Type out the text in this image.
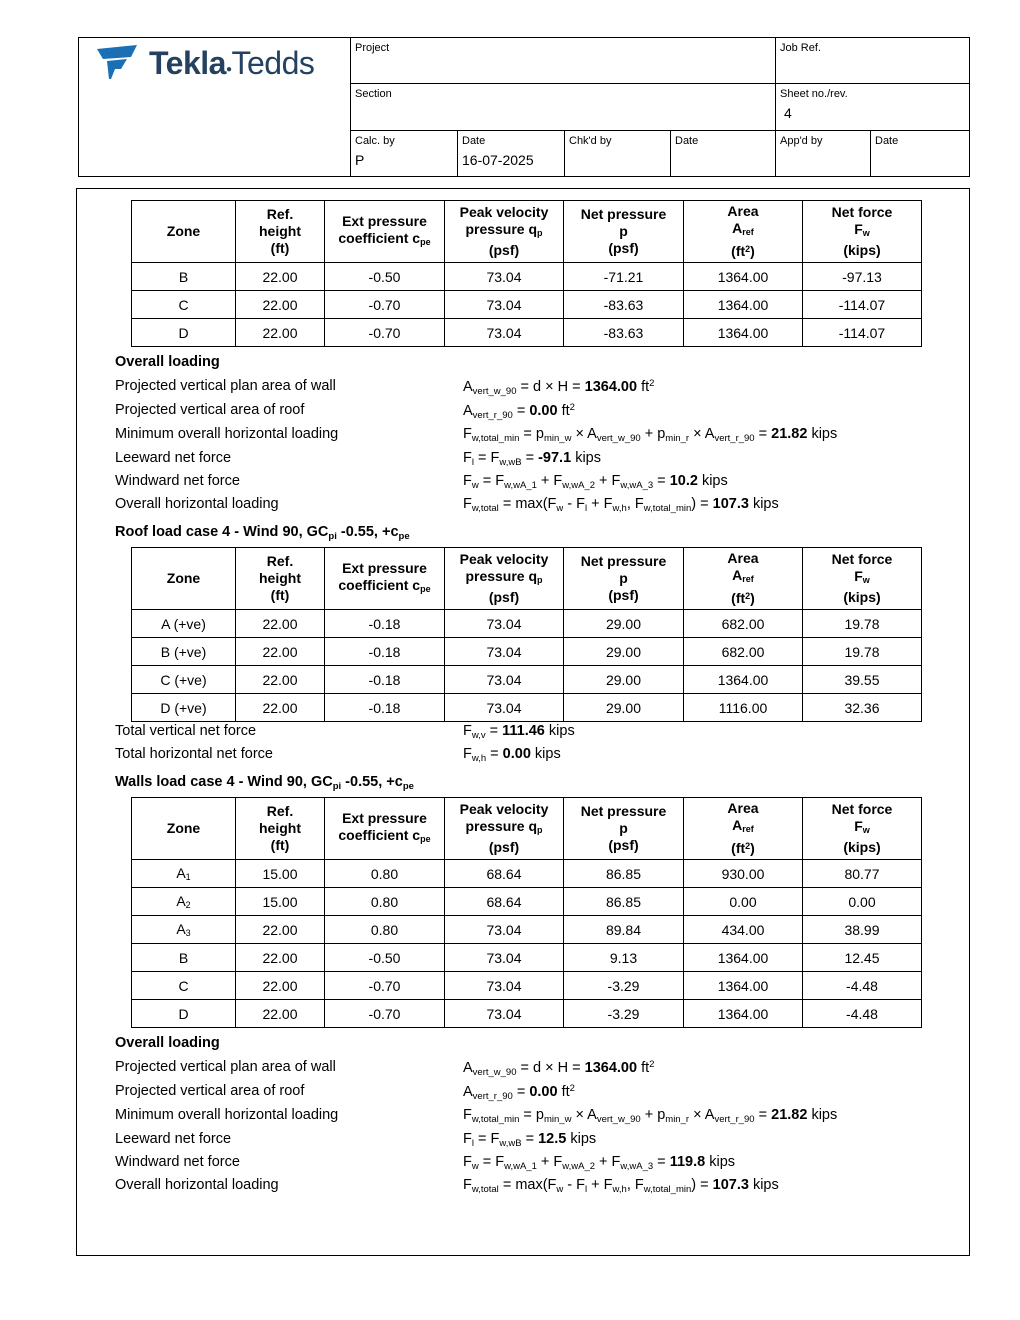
Tekla●Tedds	Project	Job Ref.
Section	Sheet no./rev.
4
Calc. by
P
Date
16-07-2025
Chk'd by	Date	App'd by	Date
Zone	Ref.
height
(ft)	Ext pressure
coefficient $c_{pe}$	Peak velocity
pressure $q_p$
(psf)	Net pressure
p
(psf)	Area
$A_{ref}$
$(ft^2)$	Net force
$F_w$
(kips)
B	22.00	-0.50	73.04	-71.21	1364.00	-97.13
C	22.00	-0.70	73.04	-83.63	1364.00	-114.07
D	22.00	-0.70	73.04	-83.63	1364.00	-114.07
Overall loading
Projected vertical plan area of wall	$A_{vert\_w\_90} = d \times H = 1364.00$ $ft^2$
Projected vertical area of roof	$A_{vert\_r\_90} = 0.00$ $ft^2$
Minimum overall horizontal loading	$F_{w,total\_min} = p_{min\_w} \times A_{vert\_w\_90} + p_{min\_r} \times A_{vert\_r\_90} = 21.82$ kips
Leeward net force	$F_l = F_{w,wB} = -97.1$ kips
Windward net force	$F_w = F_{w,wA\_1} + F_{w,wA\_2} + F_{w,wA\_3} = 10.2$ kips
Overall horizontal loading	$F_{w,total} = \max(F_w - F_l + F_{w,h}$, $F_{w,total\_min}) = 107.3$ kips
Roof load case 4 - Wind 90, $GC_{pi}$ -0.55, $+c_{pe}$
Zone	Ref.
height
(ft)	Ext pressure
coefficient $c_{pe}$	Peak velocity
pressure $q_p$
(psf)	Net pressure
p
(psf)	Area
$A_{ref}$
$(ft^2)$	Net force
$F_w$
(kips)
A (+ve)	22.00	-0.18	73.04	29.00	682.00	19.78
B (+ve)	22.00	-0.18	73.04	29.00	682.00	19.78
C (+ve)	22.00	-0.18	73.04	29.00	1364.00	39.55
D (+ve)	22.00	-0.18	73.04	29.00	1116.00	32.36
Total vertical net force	$F_{w,v} = 111.46$ kips
Total horizontal net force	$F_{w,h} = 0.00$ kips
Walls load case 4 - Wind 90, $GC_{pi}$ -0.55, $+c_{pe}$
Zone	Ref.
height
(ft)	Ext pressure
coefficient $c_{pe}$	Peak velocity
pressure $q_p$
(psf)	Net pressure
p
(psf)	Area
$A_{ref}$
$(ft^2)$	Net force
$F_w$
(kips)
$A_1$	15.00	0.80	68.64	86.85	930.00	80.77
$A_2$	15.00	0.80	68.64	86.85	0.00	0.00
$A_3$	22.00	0.80	73.04	89.84	434.00	38.99
B	22.00	-0.50	73.04	9.13	1364.00	12.45
C	22.00	-0.70	73.04	-3.29	1364.00	-4.48
D	22.00	-0.70	73.04	-3.29	1364.00	-4.48
Overall loading
Projected vertical plan area of wall	$A_{vert\_w\_90} = d \times H = 1364.00$ $ft^2$
Projected vertical area of roof	$A_{vert\_r\_90} = 0.00$ $ft^2$
Minimum overall horizontal loading	$F_{w,total\_min} = p_{min\_w} \times A_{vert\_w\_90} + p_{min\_r} \times A_{vert\_r\_90} = 21.82$ kips
Leeward net force	$F_l = F_{w,wB} = 12.5$ kips
Windward net force	$F_w = F_{w,wA\_1} + F_{w,wA\_2} + F_{w,wA\_3} = 119.8$ kips
Overall horizontal loading	$F_{w,total} = \max(F_w - F_l + F_{w,h}$, $F_{w,total\_min}) = 107.3$ kips
